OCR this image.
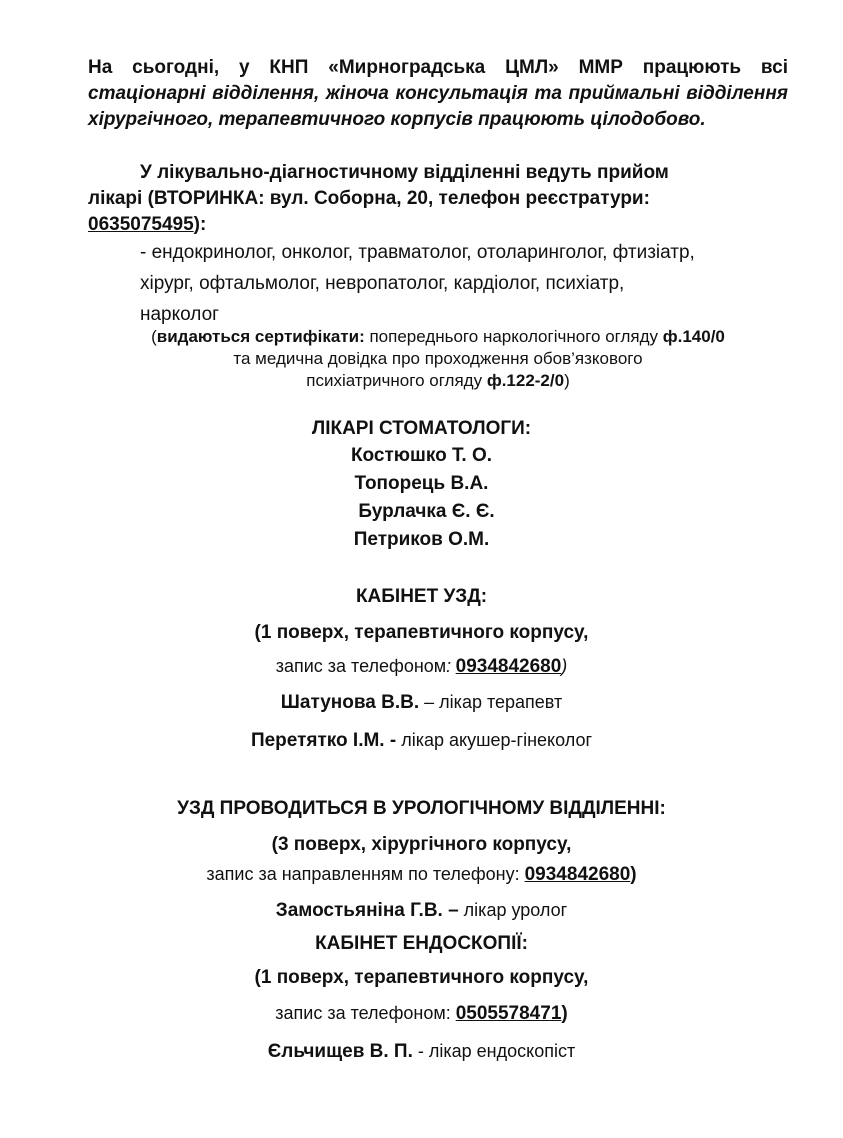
На сьогодні, у КНП «Мирноградська ЦМЛ» ММР працюють всі стаціонарні відділення, жіноча консультація та приймальні відділення хірургічного, терапевтичного корпусів працюють цілодобово.
У лікувально-діагностичному відділенні ведуть прийом
лікарі (ВТОРИНКА: вул. Соборна, 20, телефон реєстратури:
0635075495):
- ендокринолог, онколог, травматолог, отоларинголог, фтизіатр,
хірург, офтальмолог, невропатолог, кардіолог, психіатр,
нарколог
(видаються сертифікати: попереднього наркологічного огляду ф.140/0
та медична довідка про проходження обов’язкового
психіатричного огляду ф.122-2/0)
ЛІКАРІ СТОМАТОЛОГИ:
Костюшко Т. О.
Топорець В.А.
Бурлачка Є. Є.
Петриков О.М.
КАБІНЕТ УЗД:
(1 поверх, терапевтичного корпусу,
запис за телефоном: 0934842680)
Шатунова В.В. – лікар терапевт
Перетятко І.М. - лікар акушер-гінеколог
УЗД ПРОВОДИТЬСЯ В УРОЛОГІЧНОМУ ВІДДІЛЕННІ:
(3 поверх, хірургічного корпусу,
запис за направленням по телефону: 0934842680)
Замостьяніна Г.В. – лікар уролог
КАБІНЕТ ЕНДОСКОПІЇ:
(1 поверх, терапевтичного корпусу,
запис за телефоном: 0505578471)
Єльчищев В. П. - лікар ендоскопіст
